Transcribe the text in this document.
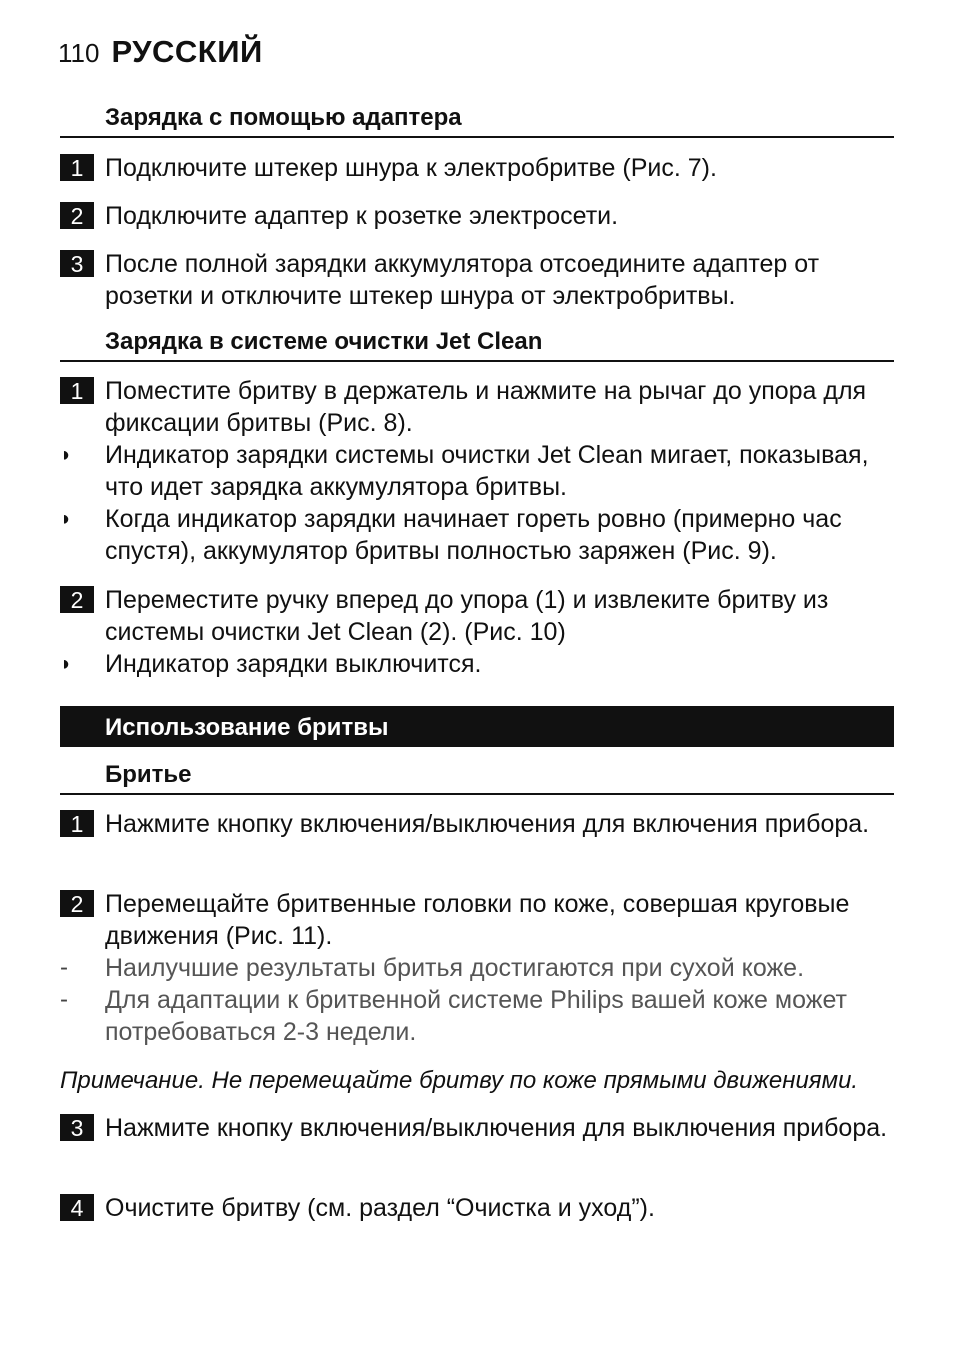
110 РУССКИЙ
Зарядка с помощью адаптера
1 Подключите штекер шнура к электробритве (Рис. 7).
2 Подключите адаптер к розетке электросети.
3 После полной зарядки аккумулятора отсоедините адаптер от розетки и отключите штекер шнура от электробритвы.
Зарядка в системе очистки Jet Clean
1 Поместите бритву в держатель и нажмите на рычаг до упора для фиксации бритвы (Рис. 8).
◗ Индикатор зарядки системы очистки Jet Clean мигает, показывая, что идет зарядка аккумулятора бритвы.
◗ Когда индикатор зарядки начинает гореть ровно (примерно час спустя), аккумулятор бритвы полностью заряжен (Рис. 9).
2 Переместите ручку вперед до упора (1) и извлеките бритву из системы очистки Jet Clean (2). (Рис. 10)
◗ Индикатор зарядки выключится.
Использование бритвы
Бритье
1 Нажмите кнопку включения/выключения для включения прибора.
2 Перемещайте бритвенные головки по коже, совершая круговые движения (Рис. 11).
- Наилучшие результаты бритья достигаются при сухой коже.
- Для адаптации к бритвенной системе Philips вашей коже может потребоваться 2-3 недели.
Примечание. Не перемещайте бритву по коже прямыми движениями.
3 Нажмите кнопку включения/выключения для выключения прибора.
4 Очистите бритву (см. раздел “Очистка и уход”).
